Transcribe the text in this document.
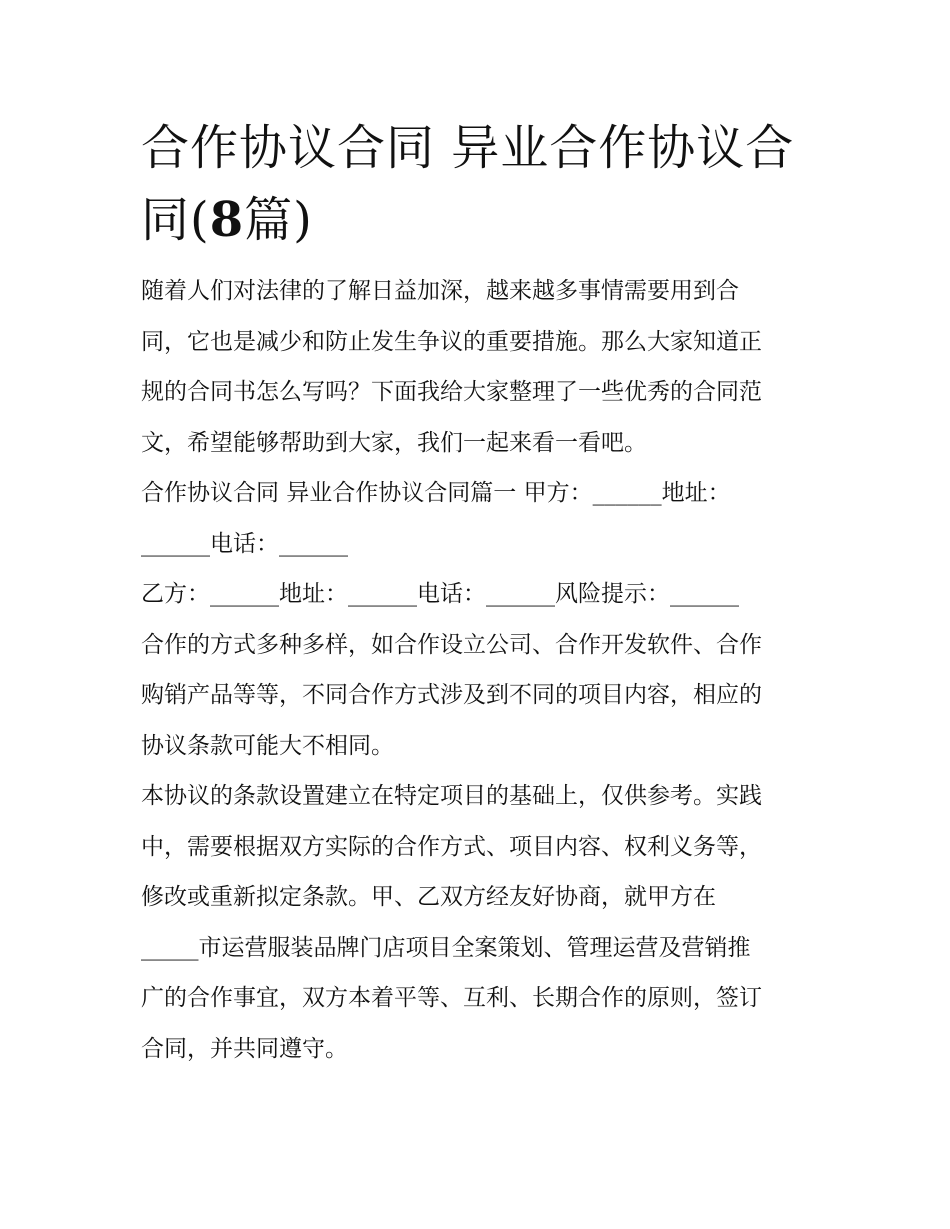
合作协议合同 异业合作协议合
同(8篇)

随着人们对法律的了解日益加深，越来越多事情需要用到合
同，它也是减少和防止发生争议的重要措施。那么大家知道正
规的合同书怎么写吗？下面我给大家整理了一些优秀的合同范
文，希望能够帮助到大家，我们一起来看一看吧。

合作协议合同 异业合作协议合同篇一 甲方：______地址：
______电话：______

乙方：______地址：______电话：______风险提示：______

合作的方式多种多样，如合作设立公司、合作开发软件、合作
购销产品等等，不同合作方式涉及到不同的项目内容，相应的
协议条款可能大不相同。

本协议的条款设置建立在特定项目的基础上，仅供参考。实践
中，需要根据双方实际的合作方式、项目内容、权利义务等，
修改或重新拟定条款。甲、乙双方经友好协商，就甲方在
_____市运营服装品牌门店项目全案策划、管理运营及营销推
广的合作事宜，双方本着平等、互利、长期合作的原则，签订
合同，并共同遵守。
